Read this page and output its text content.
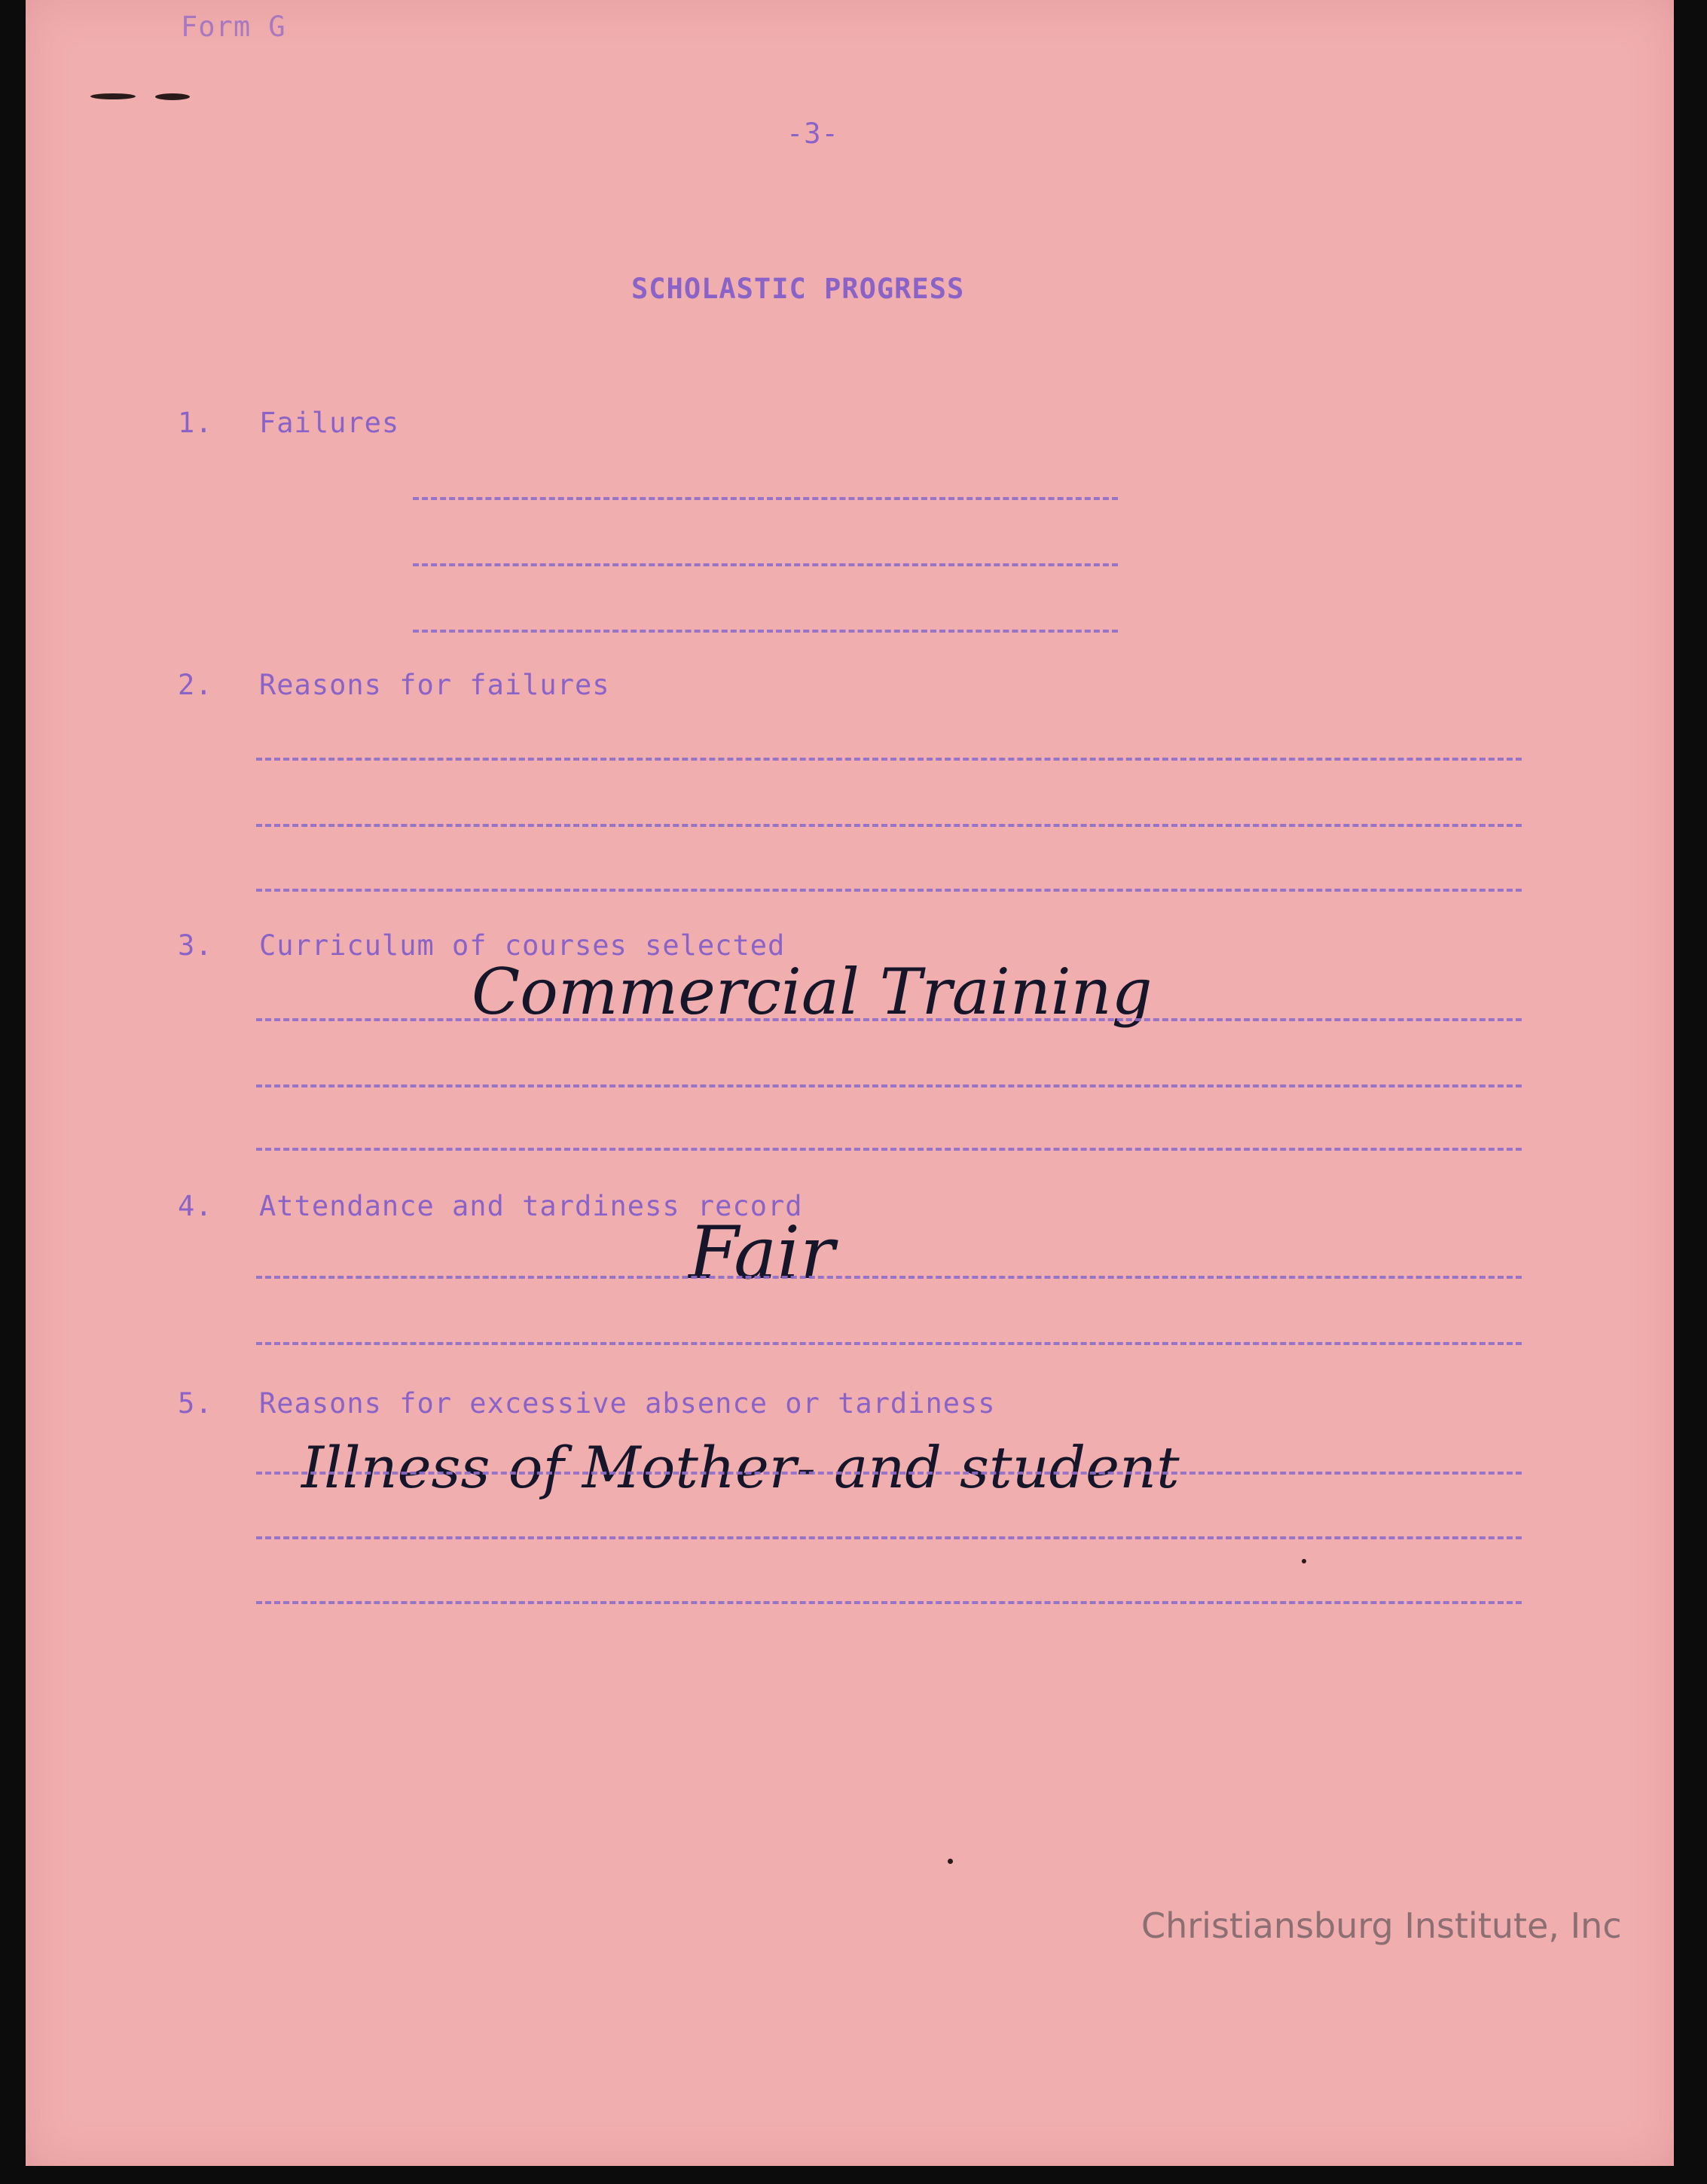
Form G
-3-
SCHOLASTIC PROGRESS
1. Failures
2. Reasons for failures
3. Curriculum of courses selected
Commercial Training
4. Attendance and tardiness record
Fair
5. Reasons for excessive absence or tardiness
Illness of Mother- and student
Christiansburg Institute, Inc
